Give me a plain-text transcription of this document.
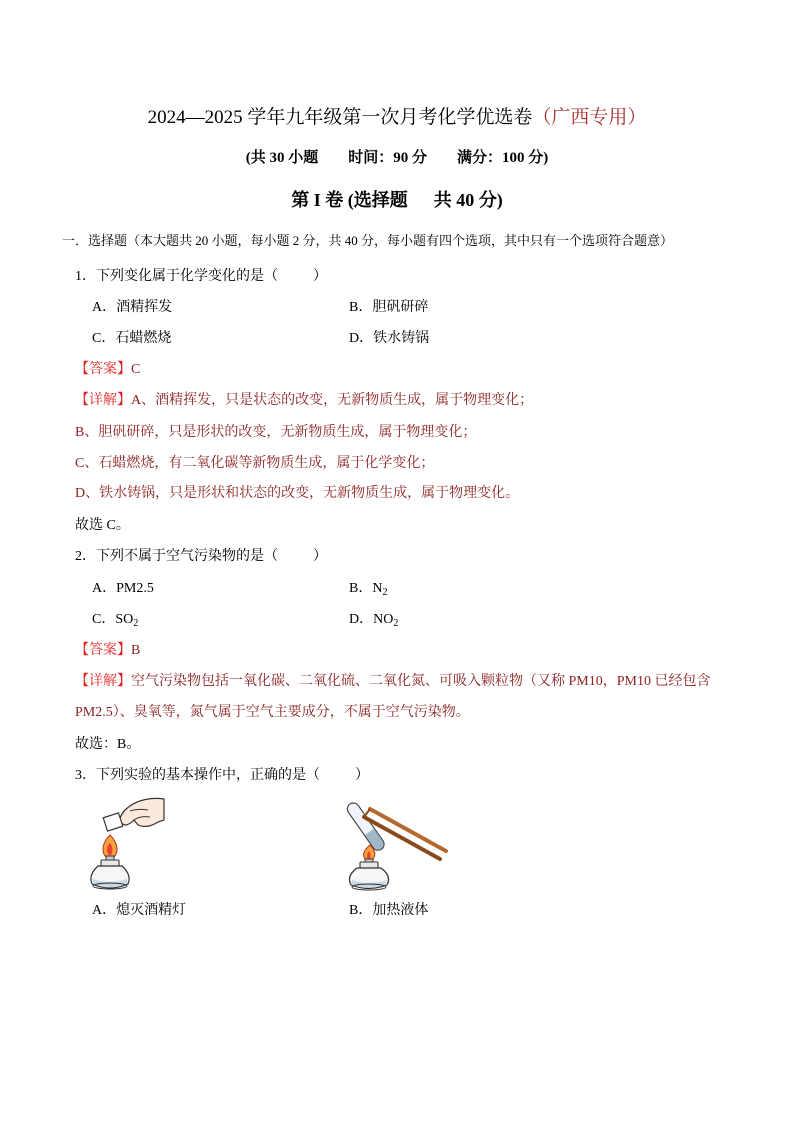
2024—2025 学年九年级第一次月考化学优选卷（广西专用）
(共 30 小题 时间：90 分 满分：100 分)
第 I 卷 (选择题 共 40 分)
一．选择题（本大题共 20 小题，每小题 2 分，共 40 分，每小题有四个选项，其中只有一个选项符合题意）
1．下列变化属于化学变化的是（          ）
A．酒精挥发	B．胆矾研碎
C．石蜡燃烧	D．铁水铸锅
【答案】C
【详解】A、酒精挥发，只是状态的改变，无新物质生成，属于物理变化；
B、胆矾研碎，只是形状的改变，无新物质生成，属于物理变化；
C、石蜡燃烧，有二氧化碳等新物质生成，属于化学变化；
D、铁水铸锅，只是形状和状态的改变，无新物质生成，属于物理变化。
故选 C。
2．下列不属于空气污染物的是（          ）
A．PM2.5	B．$N_2$
C．$SO_2$	D．$NO_2$
【答案】B
【详解】空气污染物包括一氧化碳、二氧化硫、二氧化氮、可吸入颗粒物（又称 PM10，PM10 已经包含
PM2.5）、臭氧等，氮气属于空气主要成分，不属于空气污染物。
故选：B。
3．下列实验的基本操作中，正确的是（          ）
A．熄灭酒精灯	B．加热液体
